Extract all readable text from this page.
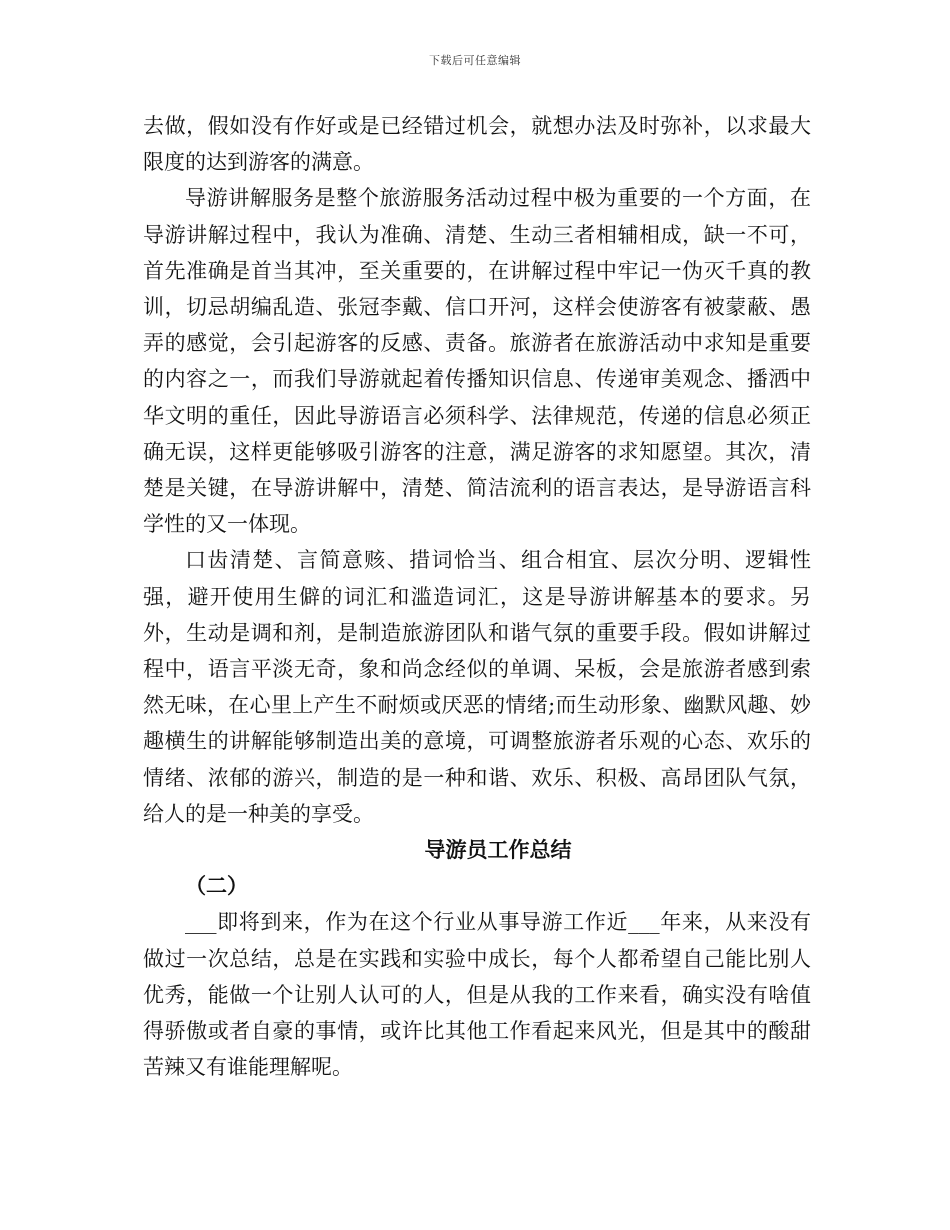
下载后可任意编辑

去做，假如没有作好或是已经错过机会，就想办法及时弥补，以求最大限度的达到游客的满意。

导游讲解服务是整个旅游服务活动过程中极为重要的一个方面，在导游讲解过程中，我认为准确、清楚、生动三者相辅相成，缺一不可，首先准确是首当其冲，至关重要的，在讲解过程中牢记一伪灭千真的教训，切忌胡编乱造、张冠李戴、信口开河，这样会使游客有被蒙蔽、愚弄的感觉，会引起游客的反感、责备。旅游者在旅游活动中求知是重要的内容之一，而我们导游就起着传播知识信息、传递审美观念、播洒中华文明的重任，因此导游语言必须科学、法律规范，传递的信息必须正确无误，这样更能够吸引游客的注意，满足游客的求知愿望。其次，清楚是关键，在导游讲解中，清楚、简洁流利的语言表达，是导游语言科学性的又一体现。

口齿清楚、言简意赅、措词恰当、组合相宜、层次分明、逻辑性强，避开使用生僻的词汇和滥造词汇，这是导游讲解基本的要求。另外，生动是调和剂，是制造旅游团队和谐气氛的重要手段。假如讲解过程中，语言平淡无奇，象和尚念经似的单调、呆板，会是旅游者感到索然无味，在心里上产生不耐烦或厌恶的情绪;而生动形象、幽默风趣、妙趣横生的讲解能够制造出美的意境，可调整旅游者乐观的心态、欢乐的情绪、浓郁的游兴，制造的是一种和谐、欢乐、积极、高昂团队气氛，给人的是一种美的享受。

导游员工作总结

（二）

___即将到来，作为在这个行业从事导游工作近___年来，从来没有做过一次总结，总是在实践和实验中成长，每个人都希望自己能比别人优秀，能做一个让别人认可的人，但是从我的工作来看，确实没有啥值得骄傲或者自豪的事情，或许比其他工作看起来风光，但是其中的酸甜苦辣又有谁能理解呢。
